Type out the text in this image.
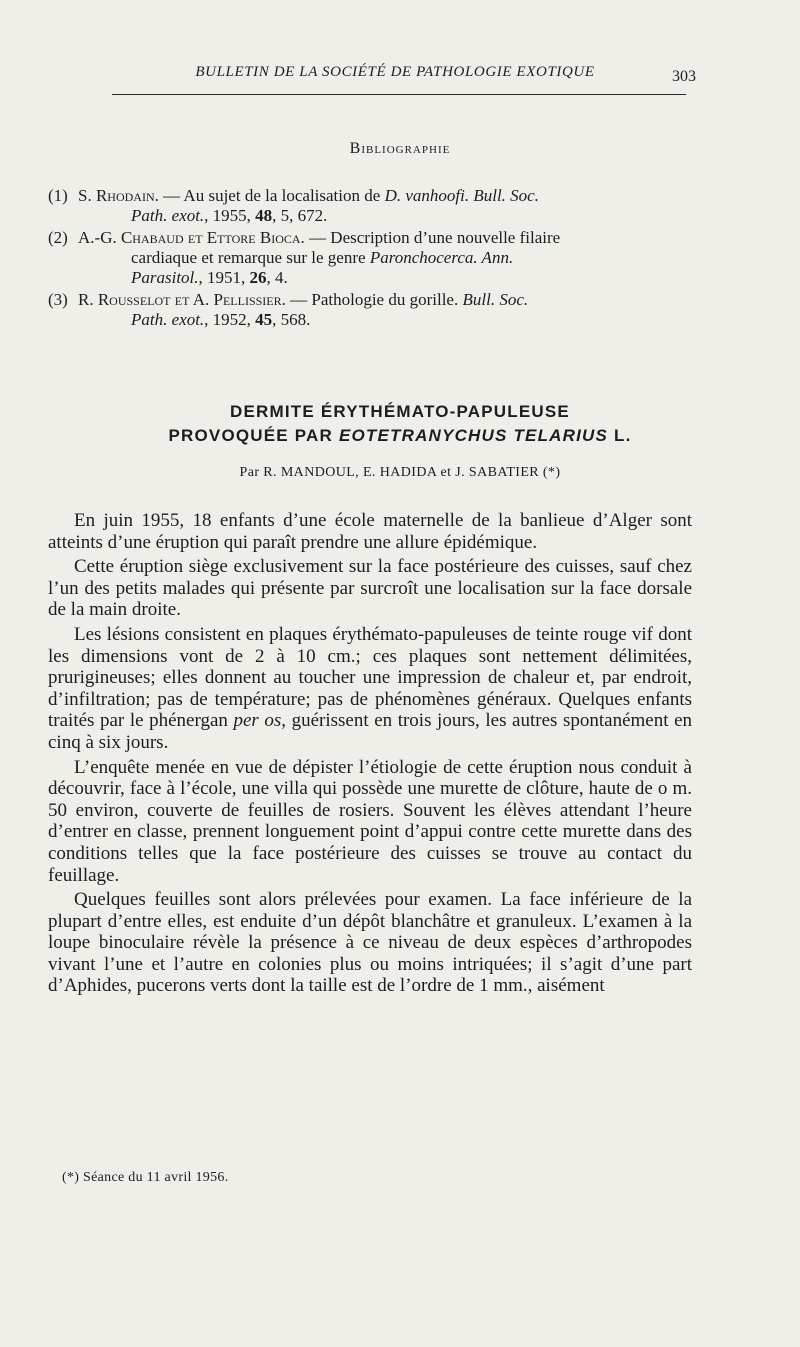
BULLETIN DE LA SOCIÉTÉ DE PATHOLOGIE EXOTIQUE	303
Bibliographie
(1) S. Rhodain. — Au sujet de la localisation de D. vanhoofi. Bull. Soc.
Path. exot., 1955, 48, 5, 672.
(2) A.-G. Chabaud et Ettore Bioca. — Description d’une nouvelle filaire
cardiaque et remarque sur le genre Paronchocerca. Ann.
Parasitol., 1951, 26, 4.
(3) R. Rousselot et A. Pellissier. — Pathologie du gorille. Bull. Soc.
Path. exot., 1952, 45, 568.
DERMITE ÉRYTHÉMATO-PAPULEUSE
PROVOQUÉE PAR EOTETRANYCHUS TELARIUS L.
Par R. MANDOUL, E. HADIDA et J. SABATIER (*)

En juin 1955, 18 enfants d’une école maternelle de la banlieue d’Alger sont atteints d’une éruption qui paraît prendre une allure épidémique.

Cette éruption siège exclusivement sur la face postérieure des cuisses, sauf chez l’un des petits malades qui présente par surcroît une localisation sur la face dorsale de la main droite.

Les lésions consistent en plaques érythémato-papuleuses de teinte rouge vif dont les dimensions vont de 2 à 10 cm.; ces plaques sont nettement délimitées, prurigineuses; elles donnent au toucher une impression de chaleur et, par endroit, d’infiltration; pas de température; pas de phénomènes généraux. Quelques enfants traités par le phénergan per os, guérissent en trois jours, les autres spontanément en cinq à six jours.

L’enquête menée en vue de dépister l’étiologie de cette éruption nous conduit à découvrir, face à l’école, une villa qui possède une murette de clôture, haute de o m. 50 environ, couverte de feuilles de rosiers. Souvent les élèves attendant l’heure d’entrer en classe, prennent longuement point d’appui contre cette murette dans des conditions telles que la face postérieure des cuisses se trouve au contact du feuillage.

Quelques feuilles sont alors prélevées pour examen. La face inférieure de la plupart d’entre elles, est enduite d’un dépôt blanchâtre et granuleux. L’examen à la loupe binoculaire révèle la présence à ce niveau de deux espèces d’arthropodes vivant l’une et l’autre en colonies plus ou moins intriquées; il s’agit d’une part d’Aphides, pucerons verts dont la taille est de l’ordre de 1 mm., aisément

(*) Séance du 11 avril 1956.
